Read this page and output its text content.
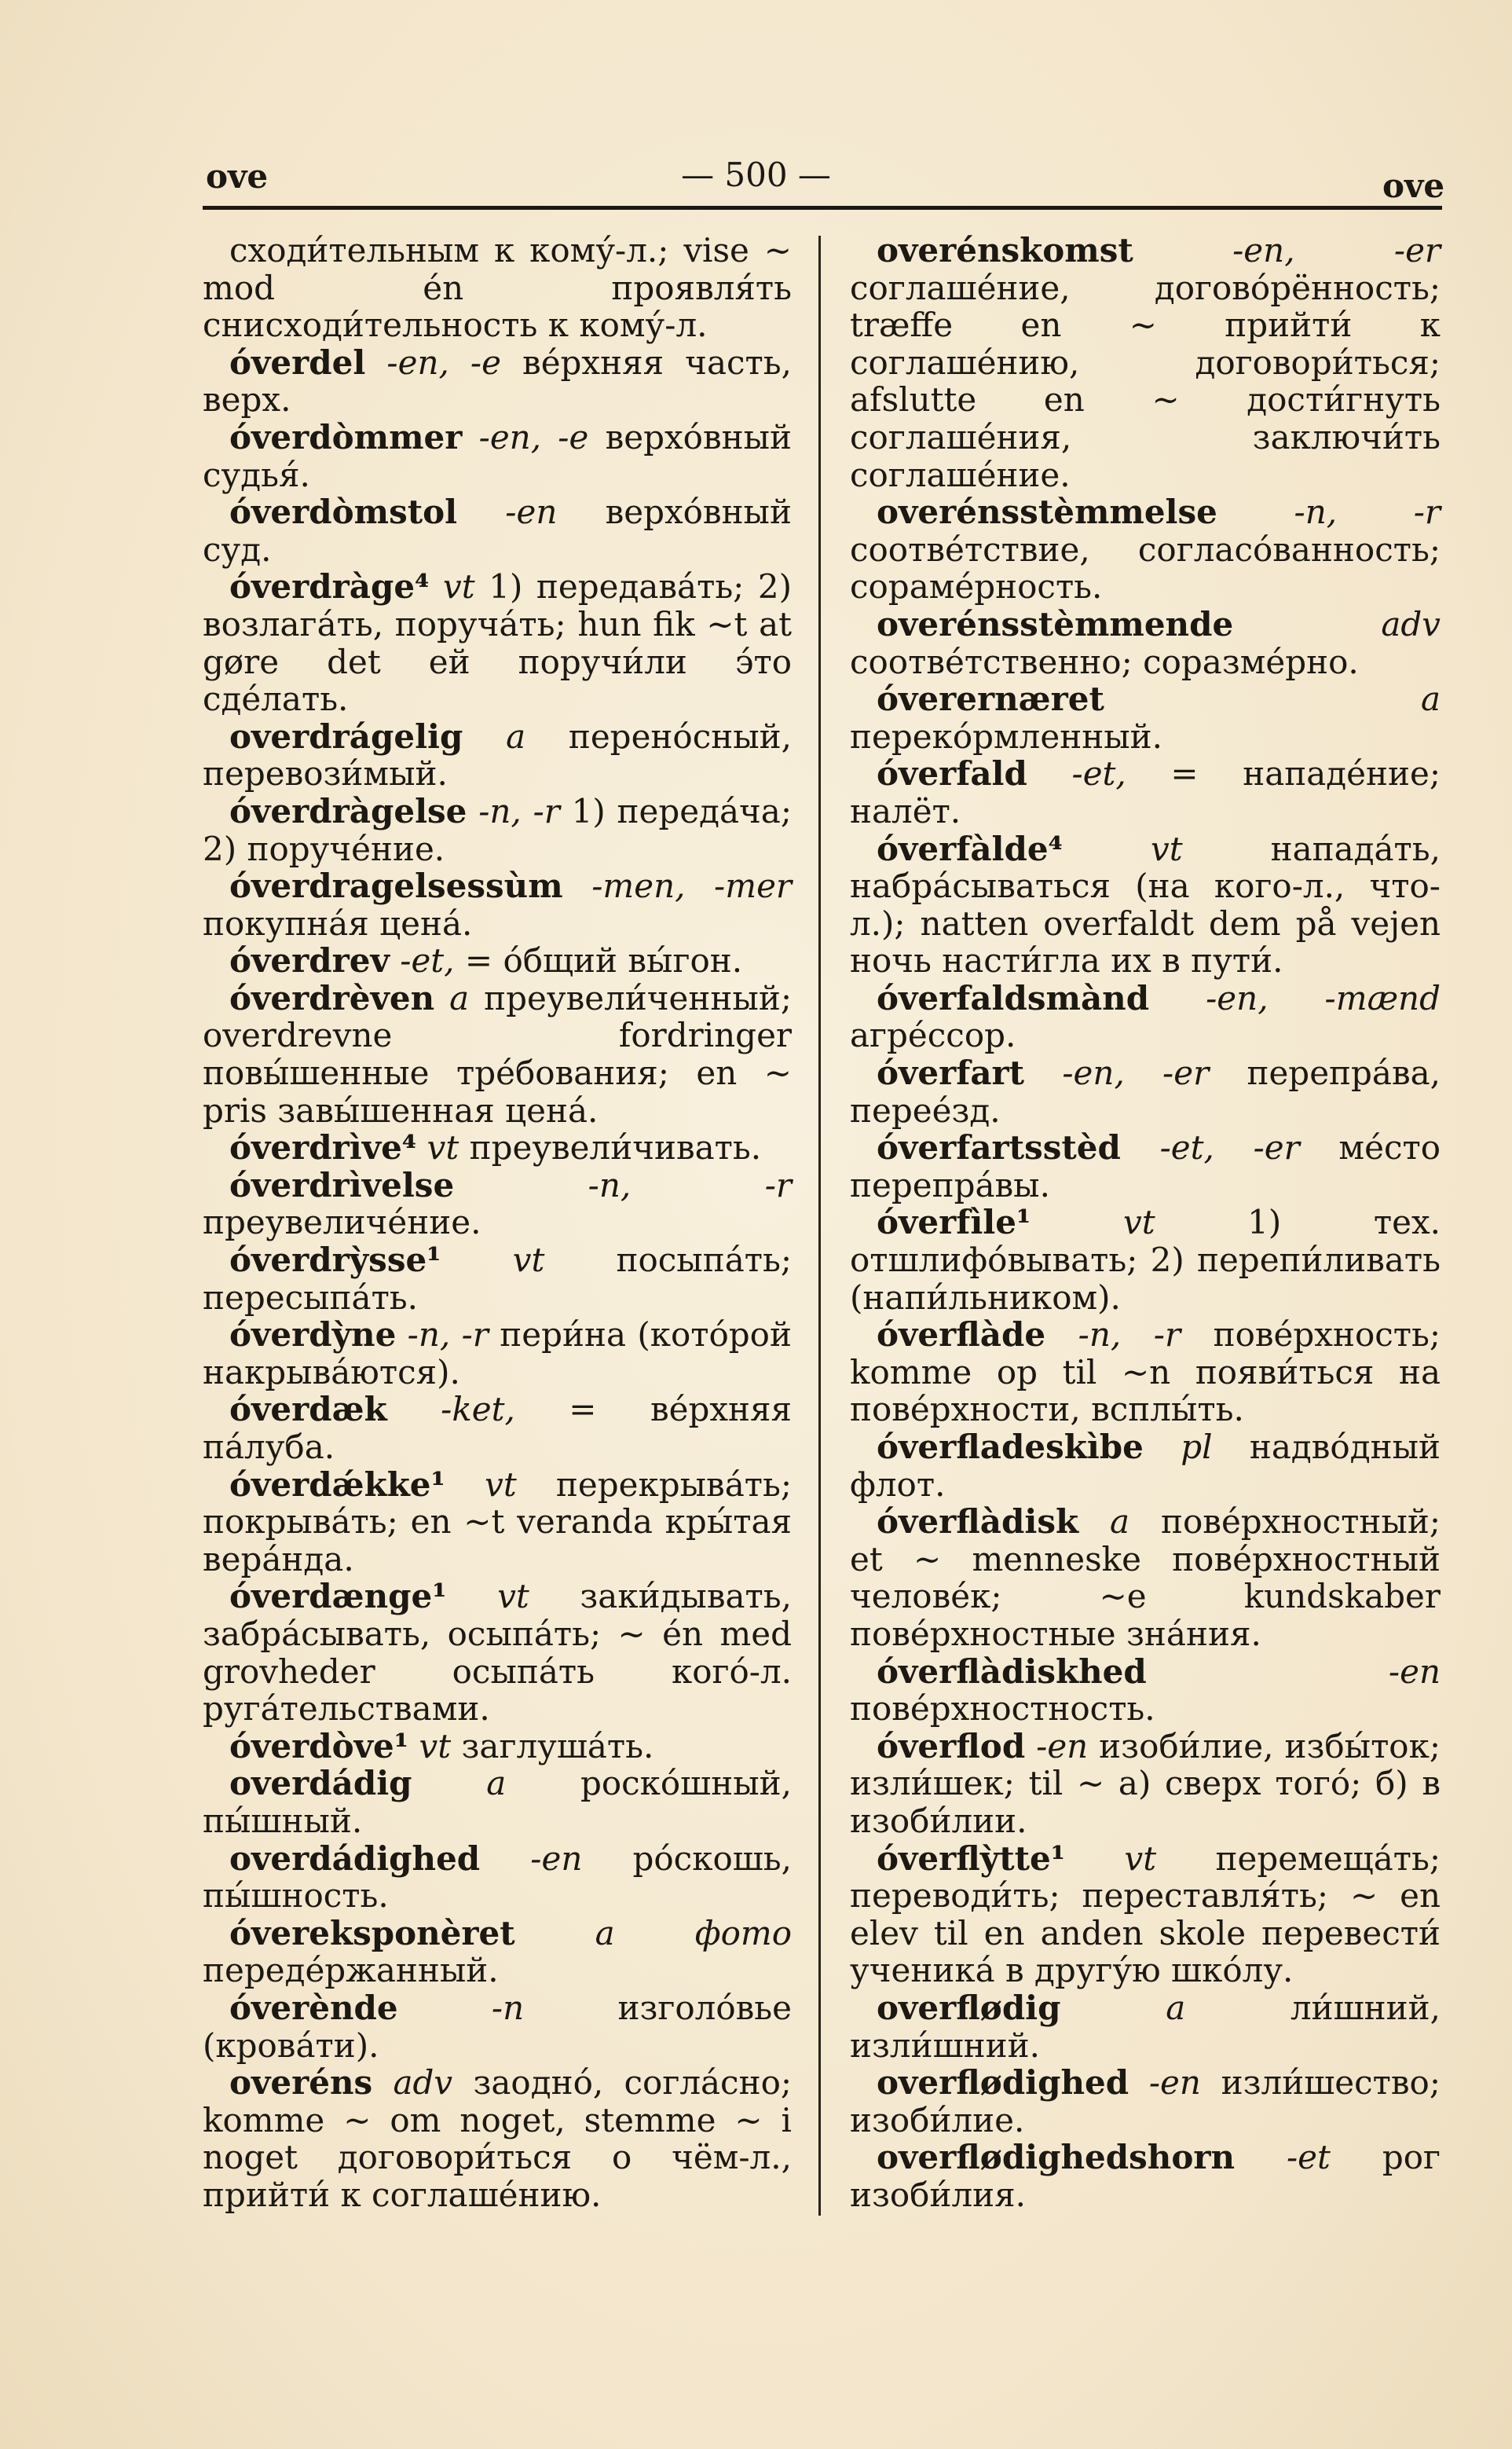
ove	— 500 —	ove

сходи́тельным к кому́-л.; vise ~ mod én проявля́ть снисходи́тельность к кому́-л.

óverdel -en, -e ве́рхняя часть, верх.

óverdòmmer -en, -e верхо́вный судья́.

óverdòmstol -en верхо́вный суд.

óverdràge⁴ vt 1) передава́ть; 2) возлага́ть, поруча́ть; hun fik ~t at gøre det ей поручи́ли э́то сде́лать.

overdrágelig a перено́сный, перевози́мый.

óverdràgelse -n, -r 1) переда́ча; 2) поруче́ние.

óverdragelsessùm -men, -mer покупна́я цена́.

óverdrev -et, = о́бщий вы́гон.

óverdrèven a преувели́ченный; overdrevne fordringer повы́шенные тре́бования; en ~ pris завы́шенная цена́.

óverdrìve⁴ vt преувели́чивать.

óverdrìvelse	-n, -r преувеличе́ние.

óverdrỳsse¹ vt посыпа́ть; пересыпа́ть.

óverdỳne -n, -r пери́на (кото́рой накрыва́ются).

óverdæk -ket, = ве́рхняя па́луба.

óverdǽkke¹ vt перекрыва́ть; покрыва́ть; en ~t veranda кры́тая вера́нда.

óverdænge¹ vt заки́дывать, забра́сывать, осыпа́ть; ~ én med grovheder осыпа́ть кого́-л. руга́тельствами.

óverdòve¹ vt заглуша́ть.

overdádig a роско́шный, пы́шный.

overdádighed -en ро́скошь, пы́шность.

óvereksponèret a фото передéржанный.

óverènde	-n	изголо́вье (крова́ти).

overéns adv заодно́, согла́сно; komme ~ om noget, stemme ~ i noget договори́ться о чём-л., прийти́ к соглаше́нию.

overénskomst	-en, -er соглаше́ние, догово́рённость; træffe en ~ прийти́ к соглаше́нию, договори́ться; afslutte en ~ дости́гнуть соглаше́ния, заключи́ть соглаше́ние.

overénsstèmmelse -n, -r соотве́тствие, согласо́ванность; сораме́рность.

overénsstèmmende	adv соотве́тственно; соразме́рно.

óverernæret	a перекóрмленный.

óverfald -et, = нападе́ние; налёт.

óverfàlde⁴	vt	напада́ть, набра́сываться (на кого-л., что-л.); natten overfaldt dem på vejen ночь насти́гла их в пути́.

óverfaldsmànd -en, -mænd агре́ссор.

óverfart -en, -er перепра́ва, перее́зд.

óverfartsstèd -et, -er ме́сто перепра́вы.

óverfìle¹	vt	1) тех. отшлифо́вывать; 2) перепи́ливать (напи́льником).

óverflàde -n, -r пове́рхность; komme op til ~n появи́ться на пове́рхности, всплы́ть.

óverfladeskìbe pl надво́дный флот.

óverflàdisk a пове́рхностный; et ~ menneske пове́рхностный челове́к; ~e kundskaber пове́рхностные зна́ния.

óverflàdiskhed	-en пове́рхностность.

óverflod -en изоби́лие, избы́ток; изли́шек; til ~ а) сверх того́; б) в изоби́лии.

óverflỳtte¹ vt перемеща́ть; переводи́ть; переставля́ть; ~ en elev til en anden skole перевести́ ученика́ в другу́ю шко́лу.

overflødig	a	ли́шний, изли́шний.

overflødighed -en изли́шество; изоби́лие.

overflødighedshorn -et рог изоби́лия.
